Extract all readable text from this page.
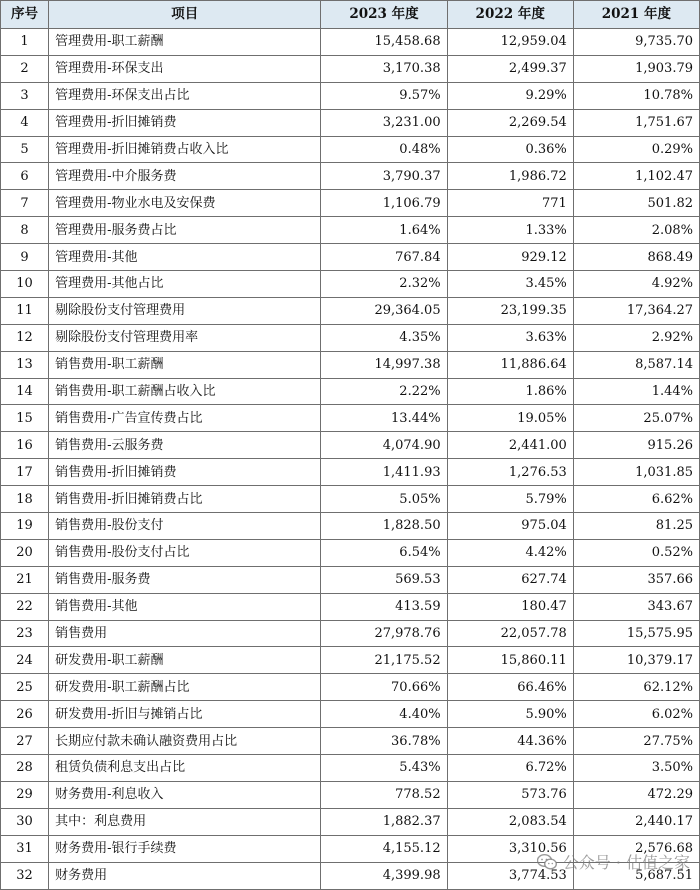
序号	项目	2023 年度	2022 年度	2021 年度
1	管理费用-职工薪酬	15,458.68	12,959.04	9,735.70
2	管理费用-环保支出	3,170.38	2,499.37	1,903.79
3	管理费用-环保支出占比	9.57%	9.29%	10.78%
4	管理费用-折旧摊销费	3,231.00	2,269.54	1,751.67
5	管理费用-折旧摊销费占收入比	0.48%	0.36%	0.29%
6	管理费用-中介服务费	3,790.37	1,986.72	1,102.47
7	管理费用-物业水电及安保费	1,106.79	771	501.82
8	管理费用-服务费占比	1.64%	1.33%	2.08%
9	管理费用-其他	767.84	929.12	868.49
10	管理费用-其他占比	2.32%	3.45%	4.92%
11	剔除股份支付管理费用	29,364.05	23,199.35	17,364.27
12	剔除股份支付管理费用率	4.35%	3.63%	2.92%
13	销售费用-职工薪酬	14,997.38	11,886.64	8,587.14
14	销售费用-职工薪酬占收入比	2.22%	1.86%	1.44%
15	销售费用-广告宣传费占比	13.44%	19.05%	25.07%
16	销售费用-云服务费	4,074.90	2,441.00	915.26
17	销售费用-折旧摊销费	1,411.93	1,276.53	1,031.85
18	销售费用-折旧摊销费占比	5.05%	5.79%	6.62%
19	销售费用-股份支付	1,828.50	975.04	81.25
20	销售费用-股份支付占比	6.54%	4.42%	0.52%
21	销售费用-服务费	569.53	627.74	357.66
22	销售费用-其他	413.59	180.47	343.67
23	销售费用	27,978.76	22,057.78	15,575.95
24	研发费用-职工薪酬	21,175.52	15,860.11	10,379.17
25	研发费用-职工薪酬占比	70.66%	66.46%	62.12%
26	研发费用-折旧与摊销占比	4.40%	5.90%	6.02%
27	长期应付款未确认融资费用占比	36.78%	44.36%	27.75%
28	租赁负债利息支出占比	5.43%	6.72%	3.50%
29	财务费用-利息收入	778.52	573.76	472.29
30	其中：利息费用	1,882.37	2,083.54	2,440.17
31	财务费用-银行手续费	4,155.12	3,310.56	2,576.68
32	财务费用	4,399.98	3,774.53	5,687.51
公众号 · 估值之家
